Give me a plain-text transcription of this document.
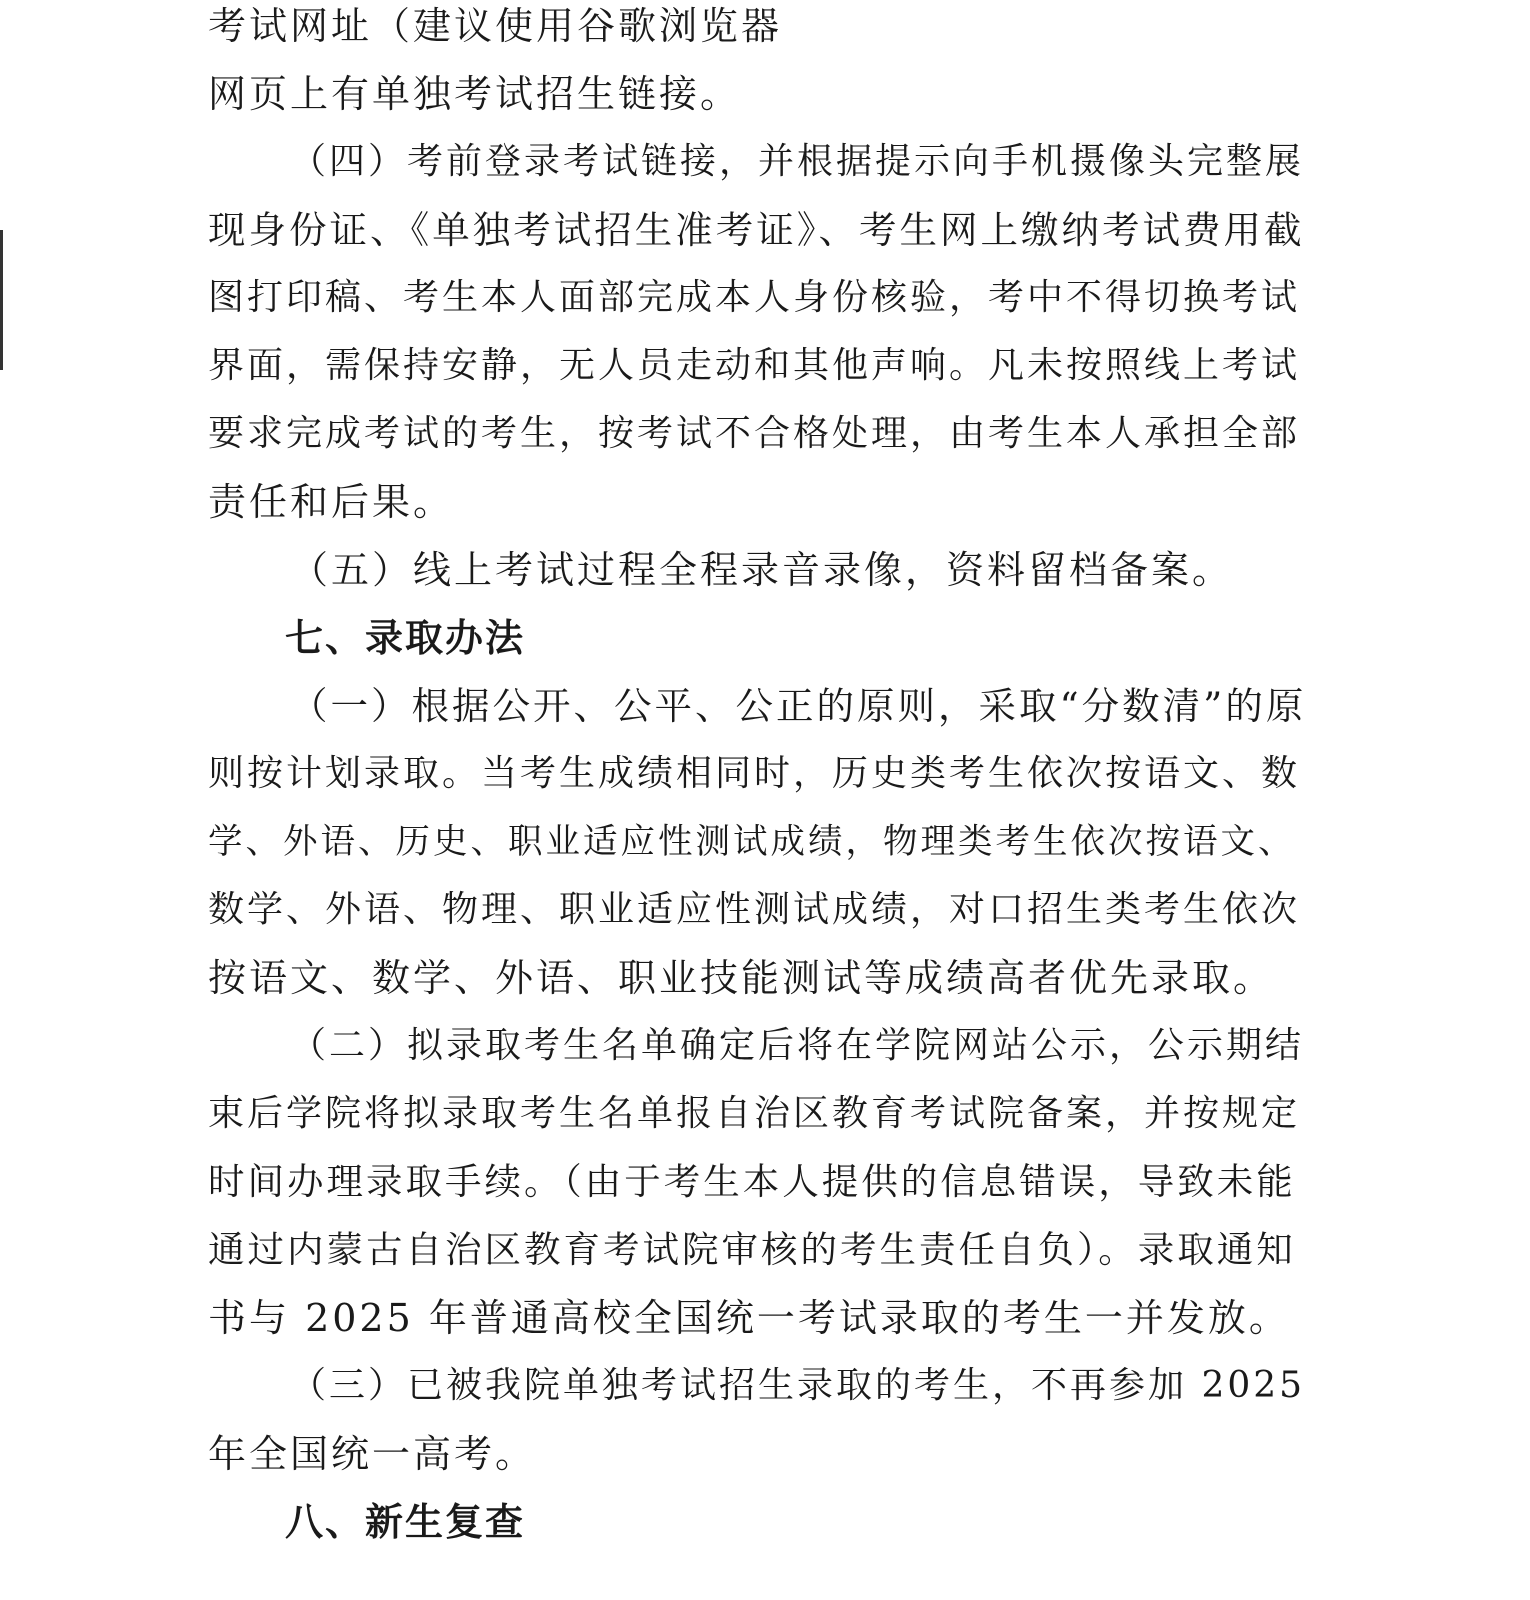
考试网址（建议使用谷歌浏览器
网页上有单独考试招生链接。
（四）考前登录考试链接，并根据提示向手机摄像头完整展
现身份证、《单独考试招生准考证》、考生网上缴纳考试费用截
图打印稿、考生本人面部完成本人身份核验，考中不得切换考试
界面，需保持安静，无人员走动和其他声响。凡未按照线上考试
要求完成考试的考生，按考试不合格处理，由考生本人承担全部
责任和后果。
（五）线上考试过程全程录音录像，资料留档备案。
七、录取办法
（一）根据公开、公平、公正的原则，采取“分数清”的原
则按计划录取。当考生成绩相同时，历史类考生依次按语文、数
学、外语、历史、职业适应性测试成绩，物理类考生依次按语文、
数学、外语、物理、职业适应性测试成绩，对口招生类考生依次
按语文、数学、外语、职业技能测试等成绩高者优先录取。
（二）拟录取考生名单确定后将在学院网站公示，公示期结
束后学院将拟录取考生名单报自治区教育考试院备案，并按规定
时间办理录取手续。（由于考生本人提供的信息错误，导致未能
通过内蒙古自治区教育考试院审核的考生责任自负）。录取通知
书与 2025 年普通高校全国统一考试录取的考生一并发放。
（三）已被我院单独考试招生录取的考生，不再参加 2025
年全国统一高考。
八、新生复查
